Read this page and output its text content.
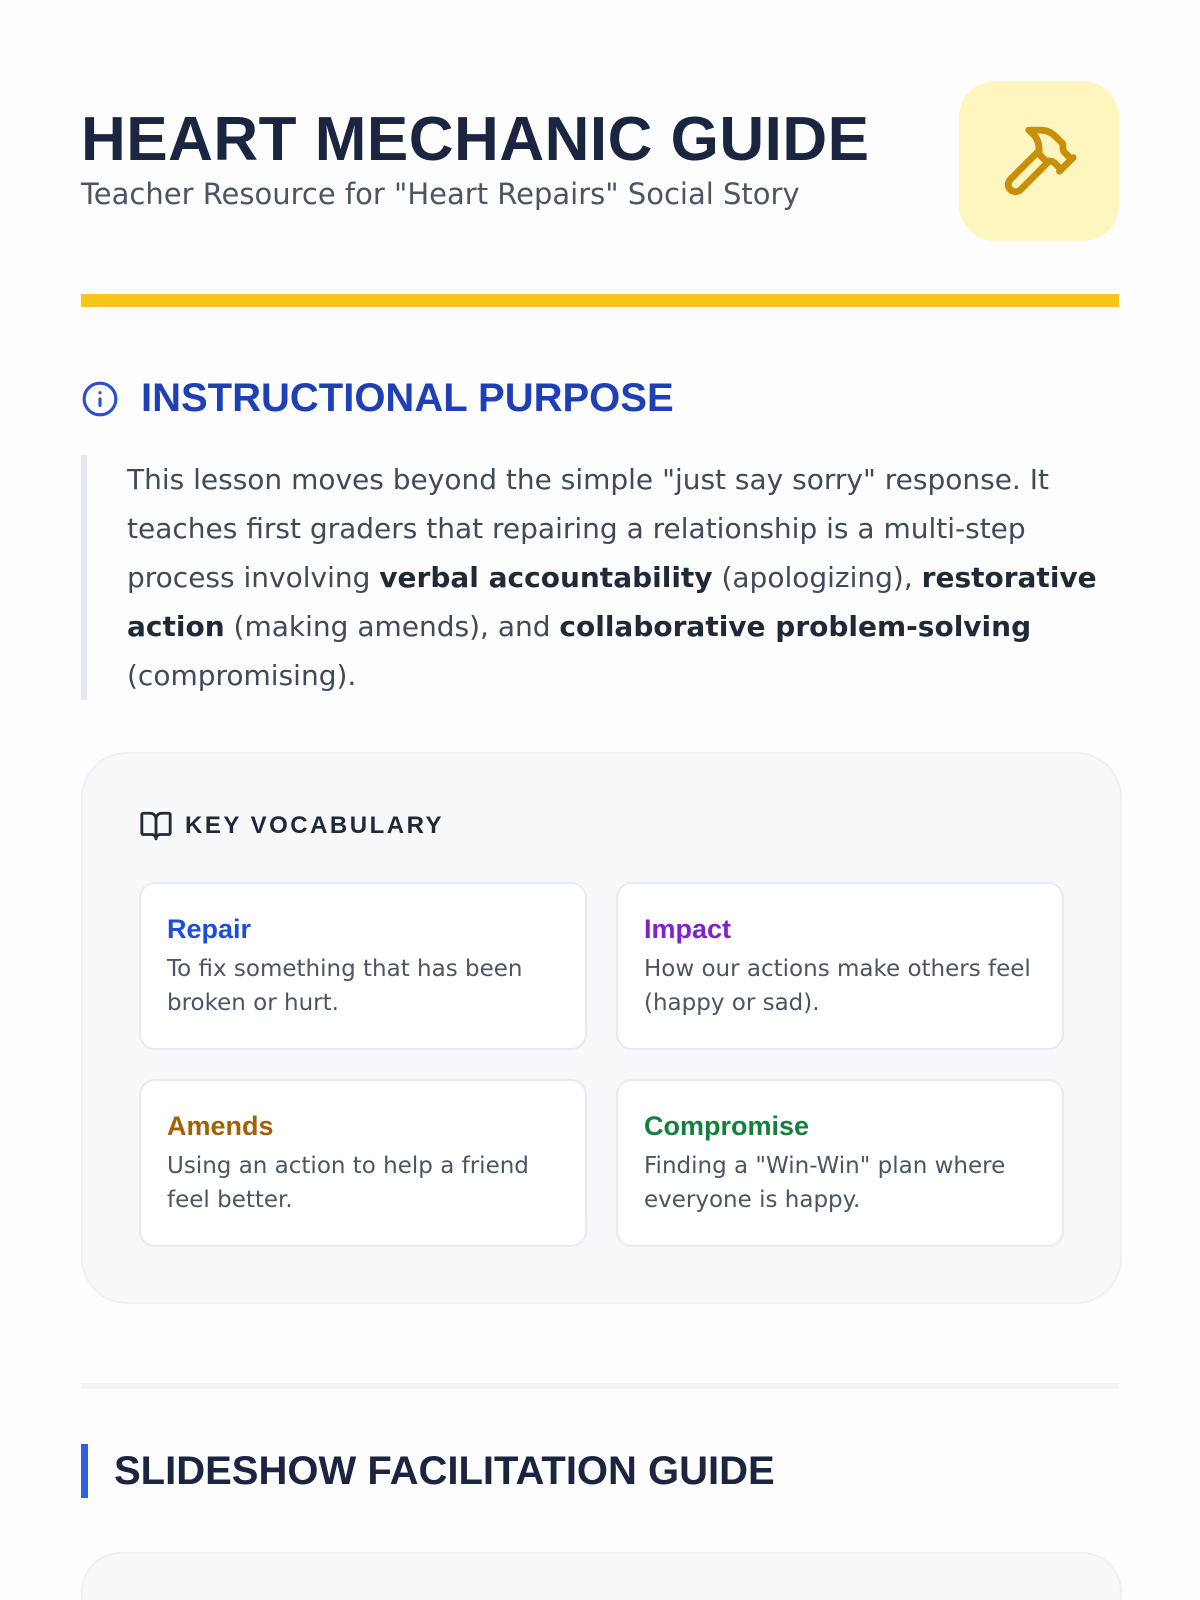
HEART MECHANIC GUIDE
Teacher Resource for "Heart Repairs" Social Story
INSTRUCTIONAL PURPOSE

This lesson moves beyond the simple "just say sorry" response. It teaches first graders that repairing a relationship is a multi-step process involving verbal accountability (apologizing), restorative action (making amends), and collaborative problem-solving (compromising).

KEY VOCABULARY
Repair
To fix something that has been broken or hurt.
Impact
How our actions make others feel (happy or sad).
Amends
Using an action to help a friend feel better.
Compromise
Finding a "Win-Win" plan where everyone is happy.
SLIDESHOW FACILITATION GUIDE
